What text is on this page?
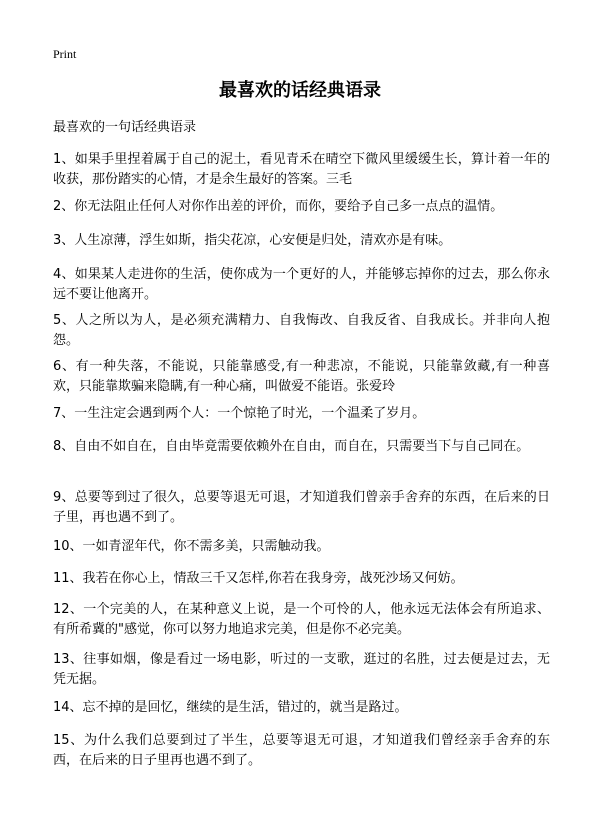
Print
最喜欢的话经典语录

最喜欢的一句话经典语录

1、如果手里捏着属于自己的泥土，看见青禾在晴空下微风里缓缓生长，算计着一年的收获，那份踏实的心情，才是余生最好的答案。三毛

2、你无法阻止任何人对你作出差的评价，而你，要给予自己多一点点的温情。

3、人生凉薄，浮生如斯，指尖花凉，心安便是归处，清欢亦是有味。

4、如果某人走进你的生活，使你成为一个更好的人，并能够忘掉你的过去，那么你永远不要让他离开。

5、人之所以为人，是必须充满精力、自我悔改、自我反省、自我成长。并非向人抱怨。

6、有一种失落，不能说，只能靠感受,有一种悲凉，不能说，只能靠敛藏,有一种喜欢，只能靠欺骗来隐瞒,有一种心痛，叫做爱不能语。张爱玲

7、一生注定会遇到两个人：一个惊艳了时光，一个温柔了岁月。

8、自由不如自在，自由毕竟需要依赖外在自由，而自在，只需要当下与自己同在。

9、总要等到过了很久，总要等退无可退，才知道我们曾亲手舍弃的东西，在后来的日子里，再也遇不到了。

10、一如青涩年代，你不需多美，只需触动我。

11、我若在你心上，情敌三千又怎样,你若在我身旁，战死沙场又何妨。

12、一个完美的人，在某种意义上说，是一个可怜的人，他永远无法体会有所追求、有所希冀的"感觉，你可以努力地追求完美，但是你不必完美。

13、往事如烟，像是看过一场电影，听过的一支歌，逛过的名胜，过去便是过去，无凭无据。

14、忘不掉的是回忆，继续的是生活，错过的，就当是路过。

15、为什么我们总要到过了半生，总要等退无可退，才知道我们曾经亲手舍弃的东西，在后来的日子里再也遇不到了。
